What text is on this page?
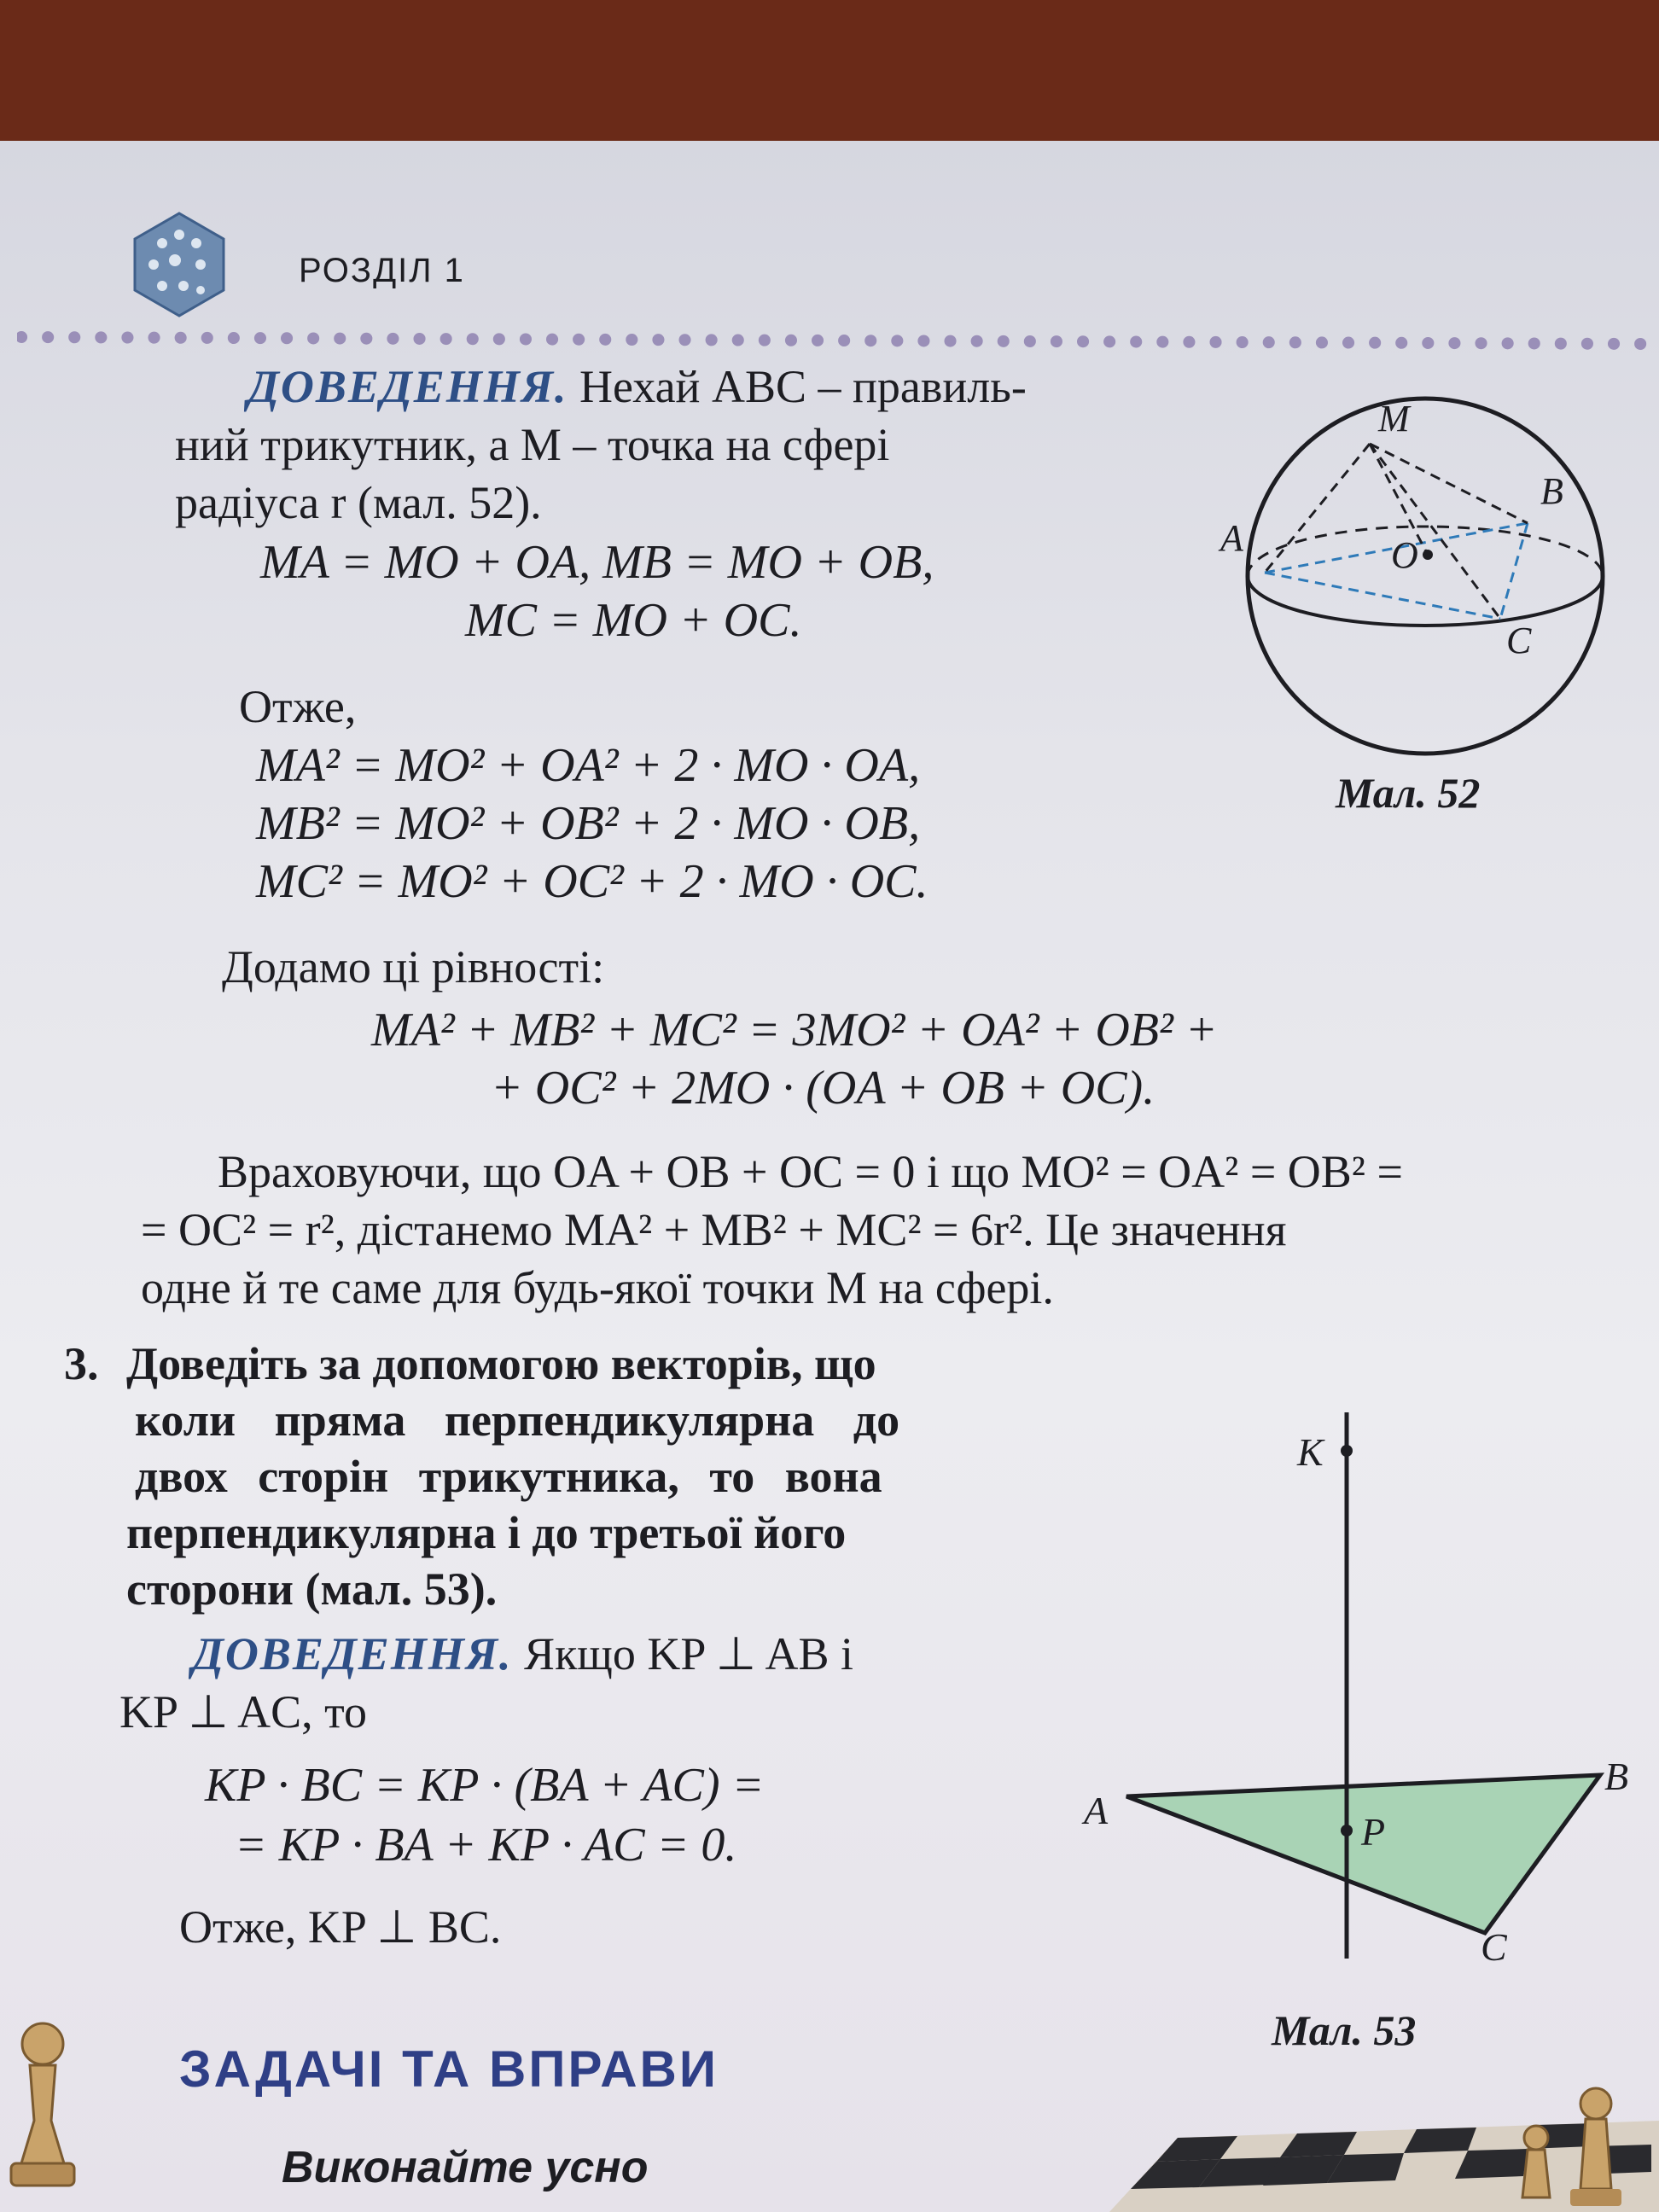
РОЗДІЛ 1
ДОВЕДЕННЯ. Нехай ABC – правиль-
ний трикутник, а M – точка на сфері
радіуса r (мал. 52).
MA = MO + OA, MB = MO + OB,
MC = MO + OC.
Отже,
MA² = MO² + OA² + 2 · MO · OA,
MB² = MO² + OB² + 2 · MO · OB,
MC² = MO² + OC² + 2 · MO · OC.
Додамо ці рівності:
MA² + MB² + MC² = 3MO² + OA² + OB² +
+ OC² + 2MO · (OA + OB + OC).
Враховуючи, що OA + OB + OC = 0 і що MO² = OA² = OB² =
= OC² = r², дістанемо MA² + MB² + MC² = 6r². Це значення
одне й те саме для будь-якої точки M на сфері.
M
B
A	O
C
Мал. 52
3. Доведіть за допомогою векторів, що
коли пряма перпендикулярна до
двох сторін трикутника, то вона
перпендикулярна і до третьої його
сторони (мал. 53).
ДОВЕДЕННЯ. Якщо KP ⊥ AB і
KP ⊥ AC, то
KP · BC = KP · (BA + AC) =
= KP · BA + KP · AC = 0.
Отже, KP ⊥ BC.
K
A	P
B
C
Мал. 53
ЗАДАЧІ ТА ВПРАВИ
Виконайте усно
